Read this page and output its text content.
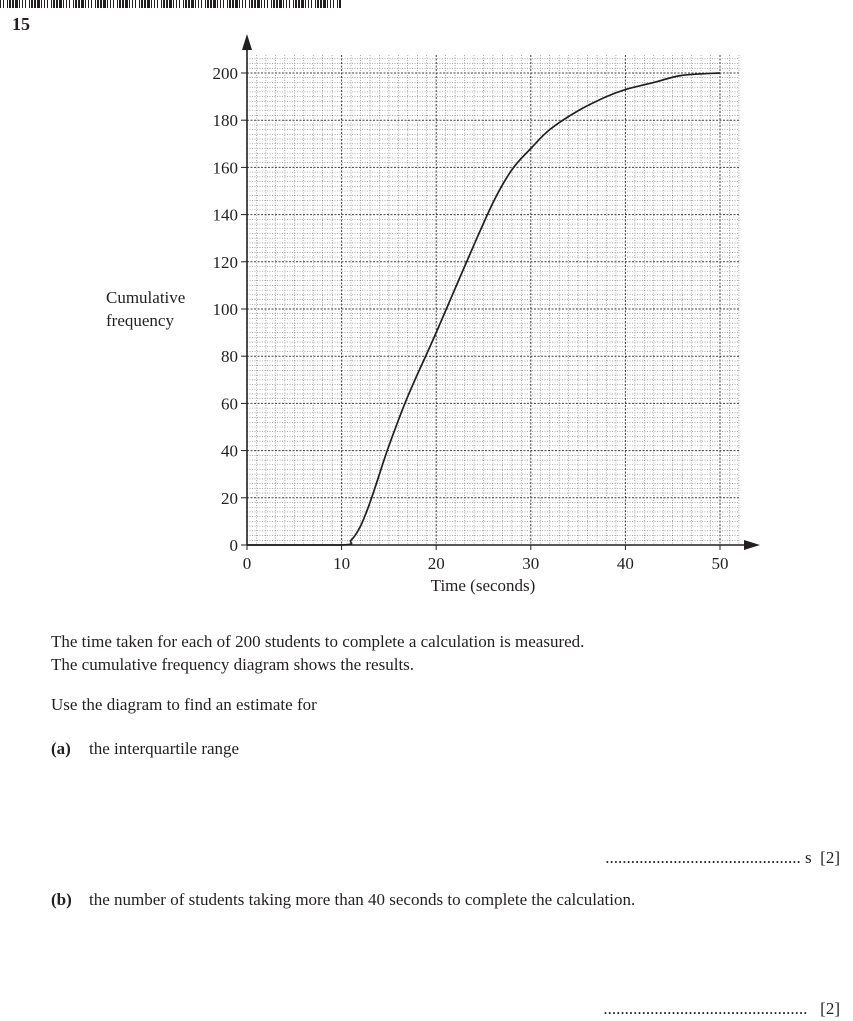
15
0	10	20	30	40	50
0
20
40
60
80
100
120
140
160
180
200
Cumulative
frequency
Time (seconds)
The time taken for each of 200 students to complete a calculation is measured.
The cumulative frequency diagram shows the results.
Use the diagram to find an estimate for
(a) the interquartile range
.............................................. s  [2]
(b) the number of students taking more than 40 seconds to complete the calculation.
................................................   [2]
